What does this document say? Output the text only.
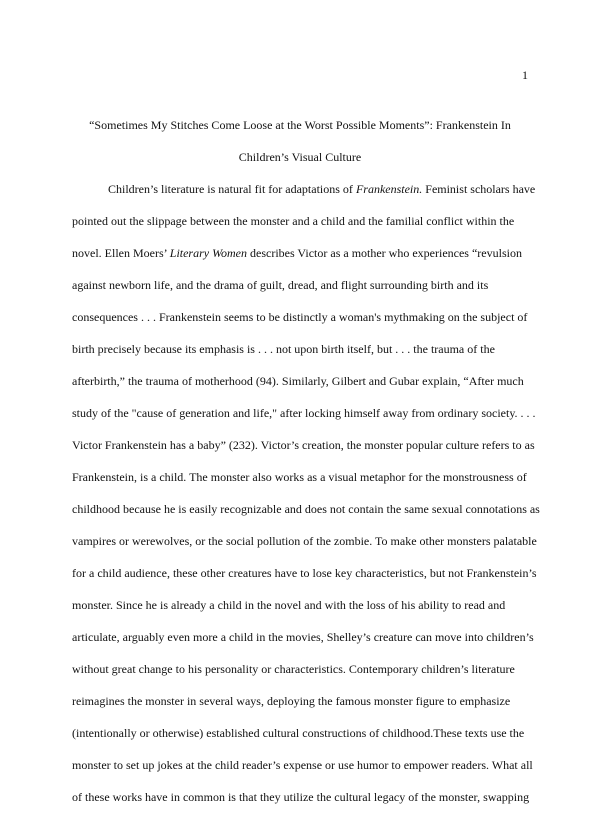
1
“Sometimes My Stitches Come Loose at the Worst Possible Moments”: Frankenstein In
Children’s Visual Culture
Children’s literature is natural fit for adaptations of Frankenstein. Feminist scholars have
pointed out the slippage between the monster and a child and the familial conflict within the
novel. Ellen Moers’ Literary Women describes Victor as a mother who experiences “revulsion
against newborn life, and the drama of guilt, dread, and flight surrounding birth and its
consequences . . . Frankenstein seems to be distinctly a woman's mythmaking on the subject of
birth precisely because its emphasis is . . . not upon birth itself, but . . . the trauma of the
afterbirth,” the trauma of motherhood (94). Similarly, Gilbert and Gubar explain, “After much
study of the "cause of generation and life," after locking himself away from ordinary society. . . .
Victor Frankenstein has a baby” (232). Victor’s creation, the monster popular culture refers to as
Frankenstein, is a child. The monster also works as a visual metaphor for the monstrousness of
childhood because he is easily recognizable and does not contain the same sexual connotations as
vampires or werewolves, or the social pollution of the zombie. To make other monsters palatable
for a child audience, these other creatures have to lose key characteristics, but not Frankenstein’s
monster. Since he is already a child in the novel and with the loss of his ability to read and
articulate, arguably even more a child in the movies, Shelley’s creature can move into children’s
without great change to his personality or characteristics. Contemporary children’s literature
reimagines the monster in several ways, deploying the famous monster figure to emphasize
(intentionally or otherwise) established cultural constructions of childhood.These texts use the
monster to set up jokes at the child reader’s expense or use humor to empower readers. What all
of these works have in common is that they utilize the cultural legacy of the monster, swapping
